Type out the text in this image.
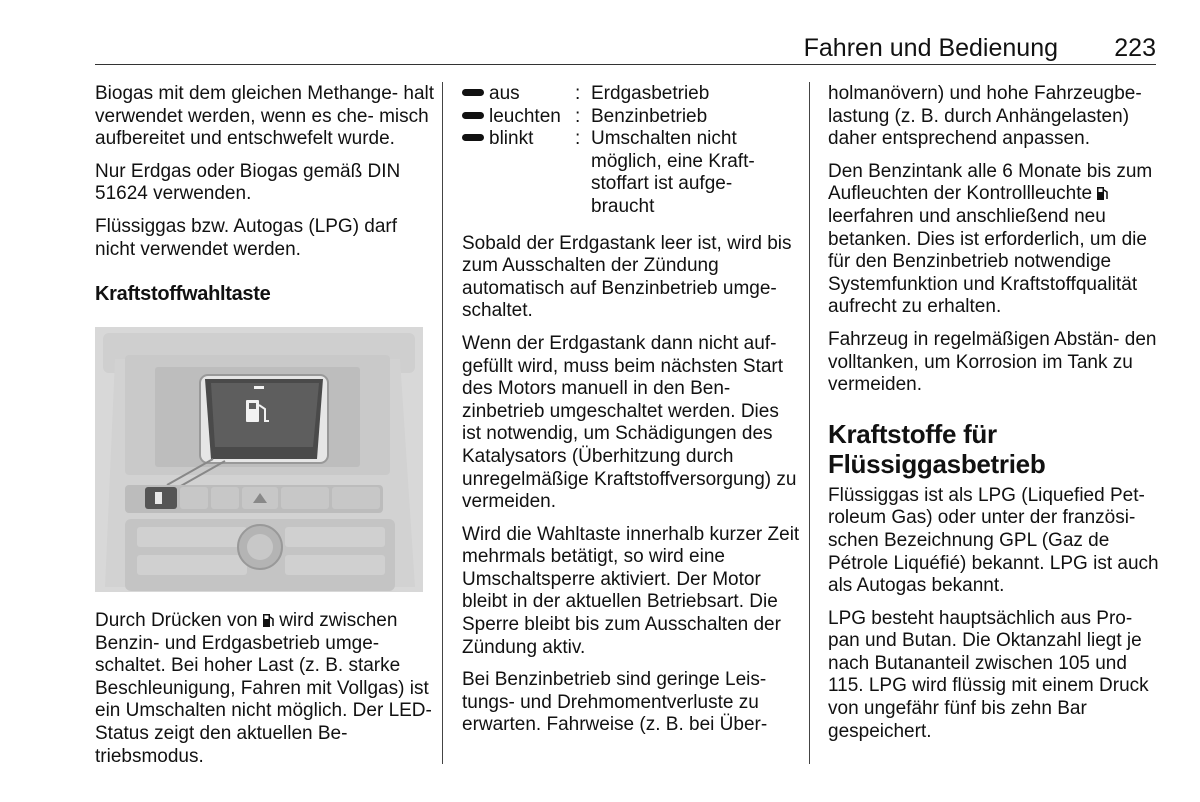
Fahren und Bedienung 223

Biogas mit dem gleichen Methange- halt verwendet werden, wenn es che- misch aufbereitet und entschwefelt wurde.

Nur Erdgas oder Biogas gemäß DIN 51624 verwenden.

Flüssiggas bzw. Autogas (LPG) darf nicht verwendet werden.

Kraftstoffwahltaste

Durch Drücken von wird zwischen Benzin- und Erdgasbetrieb umge- schaltet. Bei hoher Last (z. B. starke Beschleunigung, Fahren mit Vollgas) ist ein Umschalten nicht möglich. Der LED-Status zeigt den aktuellen Be- triebsmodus.

aus	:	Erdgasbetrieb
leuchten	:	Benzinbetrieb
blinkt	:	Umschalten nicht möglich, eine Kraft- stoffart ist aufge- braucht

Sobald der Erdgastank leer ist, wird bis zum Ausschalten der Zündung automatisch auf Benzinbetrieb umge- schaltet.

Wenn der Erdgastank dann nicht auf- gefüllt wird, muss beim nächsten Start des Motors manuell in den Ben- zinbetrieb umgeschaltet werden. Dies ist notwendig, um Schädigungen des Katalysators (Überhitzung durch unregelmäßige Kraftstoffversorgung) zu vermeiden.

Wird die Wahltaste innerhalb kurzer Zeit mehrmals betätigt, so wird eine Umschaltsperre aktiviert. Der Motor bleibt in der aktuellen Betriebsart. Die Sperre bleibt bis zum Ausschalten der Zündung aktiv.

Bei Benzinbetrieb sind geringe Leis- tungs- und Drehmomentverluste zu erwarten. Fahrweise (z. B. bei Über-

holmanövern) und hohe Fahrzeugbe- lastung (z. B. durch Anhängelasten) daher entsprechend anpassen.

Den Benzintank alle 6 Monate bis zum Aufleuchten der Kontrollleuchte  leerfahren und anschließend neu betanken. Dies ist erforderlich, um die für den Benzinbetrieb notwendige Systemfunktion und Kraftstoffqualität aufrecht zu erhalten.

Fahrzeug in regelmäßigen Abstän- den volltanken, um Korrosion im Tank zu vermeiden.

Kraftstoffe für

Flüssiggasbetrieb

Flüssiggas ist als LPG (Liquefied Pet- roleum Gas) oder unter der französi- schen Bezeichnung GPL (Gaz de Pétrole Liquéfié) bekannt. LPG ist auch als Autogas bekannt.

LPG besteht hauptsächlich aus Pro- pan und Butan. Die Oktanzahl liegt je nach Butananteil zwischen 105 und 115. LPG wird flüssig mit einem Druck von ungefähr fünf bis zehn Bar gespeichert.
